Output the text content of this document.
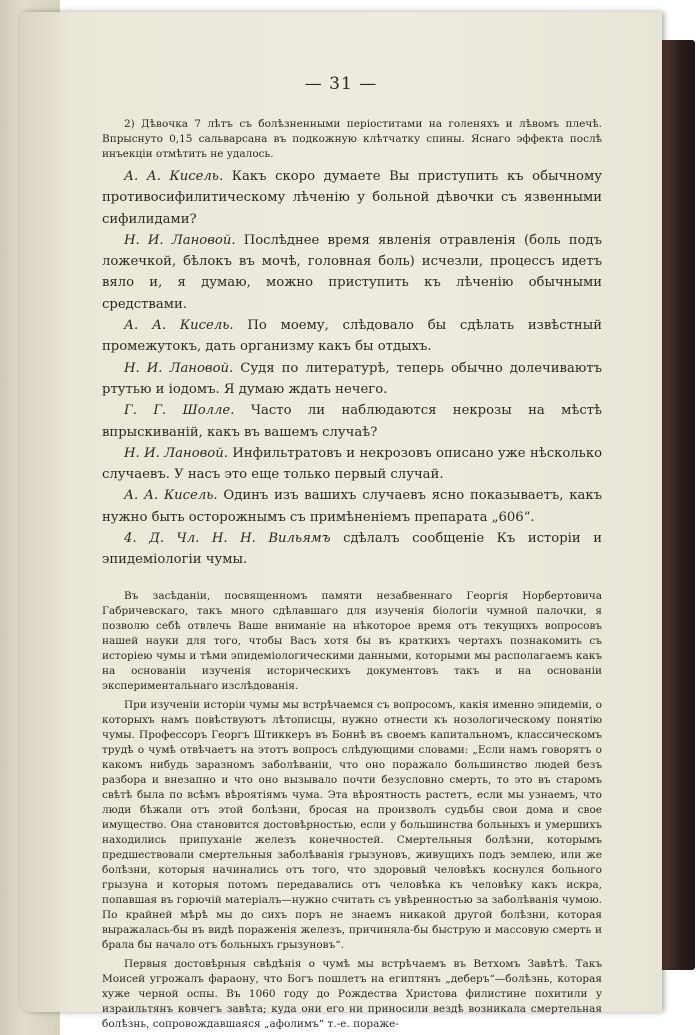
— 31 —

2) Дѣвочка 7 лѣтъ съ болѣзненными періоститами на голеняхъ и лѣвомъ плечѣ. Впрыснуто 0,15 сальварсана въ подкожную клѣтчатку спины. Яснаго эффекта послѣ инъекціи отмѣтить не удалось.

А. А. Кисель. Какъ скоро думаете Вы приступить къ обычному противосифилитическому лѣченію у больной дѣвочки съ язвенными сифилидами?

Н. И. Лановой. Послѣднее время явленія отравленія (боль подъ ложечкой, бѣлокъ въ мочѣ, головная боль) исчезли, процессъ идетъ вяло и, я думаю, можно приступить къ лѣченію обычными средствами.

А. А. Кисель. По моему, слѣдовало бы сдѣлать извѣстный промежутокъ, дать организму какъ бы отдыхъ.

Н. И. Лановой. Судя по литературѣ, теперь обычно долечиваютъ ртутью и іодомъ. Я думаю ждать нечего.

Г. Г. Шолле. Часто ли наблюдаются некрозы на мѣстѣ впрыскиваній, какъ въ вашемъ случаѣ?

Н. И. Лановой. Инфильтратовъ и некрозовъ описано уже нѣсколько случаевъ. У насъ это еще только первый случай.

А. А. Кисель. Одинъ изъ вашихъ случаевъ ясно показываетъ, какъ нужно быть осторожнымъ съ примѣненіемъ препарата „606“.

4. Д. Чл. Н. Н. Вильямъ сдѣлалъ сообщеніе Къ исторіи и эпидеміологіи чумы.

Въ засѣданіи, посвященномъ памяти незабвеннаго Георгія Норбертовича Габричевскаго, такъ много сдѣлавшаго для изученія біологіи чумной палочки, я позволю себѣ отвлечь Ваше вниманіе на нѣкоторое время отъ текущихъ вопросовъ нашей науки для того, чтобы Васъ хотя бы въ краткихъ чертахъ познакомить съ исторіею чумы и тѣми эпидеміологическими данными, которыми мы располагаемъ какъ на основаніи изученія историческихъ документовъ такъ и на основаніи экспериментальнаго изслѣдованія.

При изученіи исторіи чумы мы встрѣчаемся съ вопросомъ, какія именно эпидеміи, о которыхъ намъ повѣствуютъ лѣтописцы, нужно отнести къ нозологическому понятію чумы. Профессоръ Георгъ Штиккеръ въ Боннѣ въ своемъ капитальномъ, классическомъ трудѣ о чумѣ отвѣчаетъ на этотъ вопросъ слѣдующими словами: „Если намъ говорятъ о какомъ нибудь заразномъ заболѣваніи, что оно поражало большинство людей безъ разбора и внезапно и что оно вызывало почти безусловно смерть, то это въ старомъ свѣтѣ была по всѣмъ вѣроятіямъ чума. Эта вѣроятность растетъ, если мы узнаемъ, что люди бѣжали отъ этой болѣзни, бросая на произволъ судьбы свои дома и свое имущество. Она становится достовѣрностью, если у большинства больныхъ и умершихъ находились припуханіе железъ конечностей. Смертельныя болѣзни, которымъ предшествовали смертельныя заболѣванія грызуновъ, живущихъ подъ землею, или же болѣзни, которыя начинались отъ того, что здоровый человѣкъ коснулся больного грызуна и которыя потомъ передавались отъ человѣка къ человѣку какъ искра, попавшая въ горючій матеріалъ—нужно считать съ увѣренностью за заболѣванія чумою. По крайней мѣрѣ мы до сихъ поръ не знаемъ никакой другой болѣзни, которая выражалась-бы въ видѣ пораженія железъ, причиняла-бы быструю и массовую смерть и бралa бы начало отъ больныхъ грызуновъ“.

Первыя достовѣрныя свѣдѣнія о чумѣ мы встрѣчаемъ въ Ветхомъ Завѣтѣ. Такъ Моисей угрожалъ фараону, что Богъ пошлетъ на египтянъ „деберъ“—болѣзнь, которая хуже черной оспы. Въ 1060 году до Рождества Христова филистине похитили у израильтянъ ковчегъ завѣта; куда они его ни приносили вездѣ возникала смертельная болѣзнь, сопровождавшаяся „афолимъ“ т.-е. пораже-
